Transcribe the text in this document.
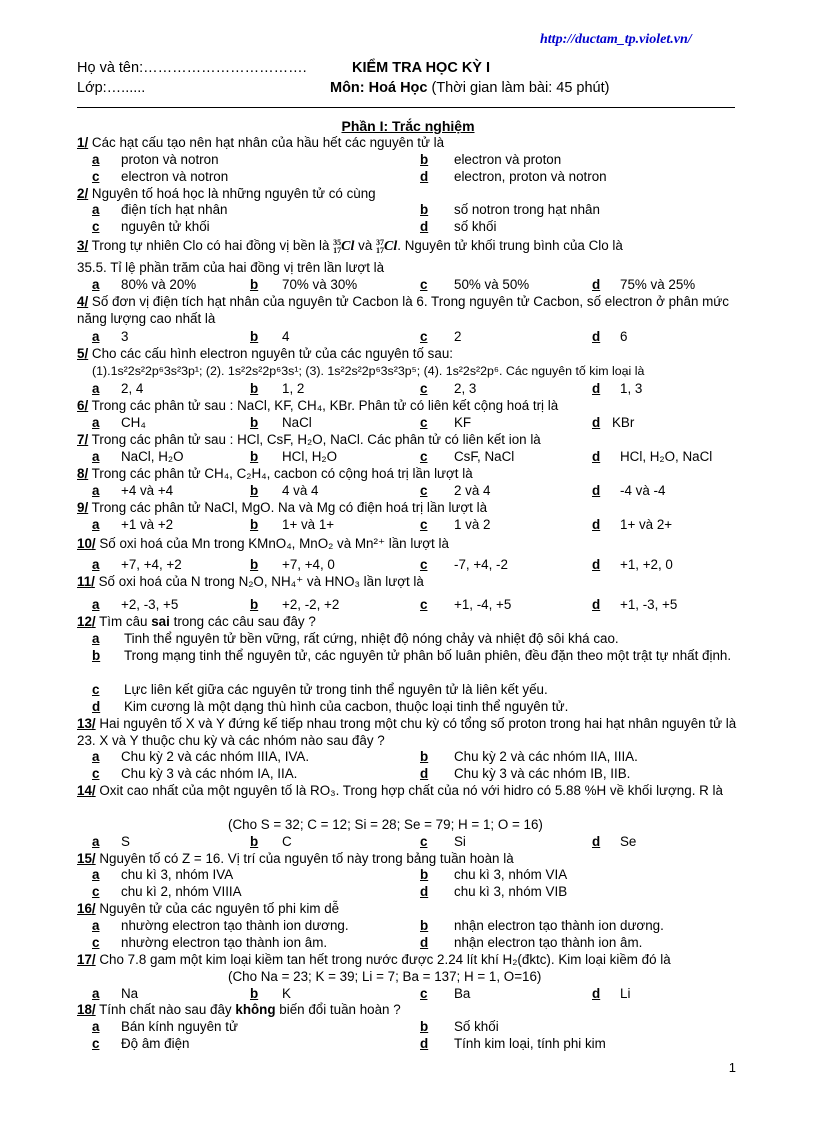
http://ductam_tp.violet.vn/
Họ và tên:…………………………….
Lớp:…......
KIỂM TRA HỌC KỲ I
Môn: Hoá Học (Thời gian làm bài: 45 phút)
Phần I: Trắc nghiệm
1/ Các hạt cấu tạo nên hạt nhân của hầu hết các nguyên tử là
a proton và notron	b electron và proton
c electron và notron	d electron, proton và notron
2/ Nguyên tố hoá học là những nguyên tử có cùng
a điện tích hạt nhân	b số notron trong hạt nhân
c nguyên tử khối	d số khối
3/ Trong tự nhiên Clo có hai đồng vị bền là 35
17Cl và 37
17Cl. Nguyên tử khối trung bình của Clo là
35.5. Tỉ lệ phần trăm của hai đồng vị trên lần lượt là
a 80% và 20%	b 70% và 30%	c 50% và 50%	d 75% và 25%
4/ Số đơn vị điện tích hạt nhân của nguyên tử Cacbon là 6. Trong nguyên tử Cacbon, số electron ở phân mức năng lượng cao nhất là
a 3	b 4	c 2	d 6
5/ Cho các cấu hình electron nguyên tử của các nguyên tố sau:
(1).1s²2s²2p⁶3s²3p¹; (2). 1s²2s²2p⁶3s¹; (3). 1s²2s²2p⁶3s²3p⁵; (4). 1s²2s²2p⁶. Các nguyên tố kim loại là
a 2, 4	b 1, 2	c 2, 3	d 1, 3
6/ Trong các phân tử sau : NaCl, KF, CH₄, KBr. Phân tử có liên kết cộng hoá trị là
a CH₄	b NaCl	c KF	d KBr
7/ Trong các phân tử sau : HCl, CsF, H₂O, NaCl. Các phân tử có liên kết ion là
a NaCl, H₂O	b HCl, H₂O	c CsF, NaCl	d HCl, H₂O, NaCl
8/ Trong các phân tử CH₄, C₂H₄, cacbon có cộng hoá trị lần lượt là
a +4 và +4	b 4 và 4	c 2 và 4	d -4 và -4
9/ Trong các phân tử NaCl, MgO. Na và Mg có điện hoá trị lần lượt là
a +1 và +2	b 1+ và 1+	c 1 và 2	d 1+ và 2+
10/ Số oxi hoá của Mn trong KMnO₄, MnO₂ và Mn²⁺ lần lượt là
a +7, +4, +2	b +7, +4, 0	c -7, +4, -2	d +1, +2, 0
11/ Số oxi hoá của N trong N₂O, NH₄⁺ và HNO₃ lần lượt là
a +2, -3, +5	b +2, -2, +2	c +1, -4, +5	d +1, -3, +5
12/ Tìm câu sai trong các câu sau đây ?
a Tinh thể nguyên tử bền vững, rất cứng, nhiệt độ nóng chảy và nhiệt độ sôi khá cao.
b	Trong mạng tinh thể nguyên tử, các nguyên tử phân bố luân phiên, đều đặn theo một trật tự nhất định.
c Lực liên kết giữa các nguyên tử trong tinh thể nguyên tử là liên kết yếu.
d Kim cương là một dạng thù hình của cacbon, thuộc loại tinh thể nguyên tử.
13/ Hai nguyên tố X và Y đứng kế tiếp nhau trong một chu kỳ có tổng số proton trong hai hạt nhân nguyên tử là 23. X và Y thuộc chu kỳ và các nhóm nào sau đây ?
a Chu kỳ 2 và các nhóm IIIA, IVA.	b Chu kỳ 2 và các nhóm IIA, IIIA.
c Chu kỳ 3 và các nhóm IA, IIA.	d Chu kỳ 3 và các nhóm IB, IIB.
14/ Oxit cao nhất của một nguyên tố là RO₃. Trong hợp chất của nó với hidro có 5.88 %H về khối lượng. R là
(Cho S = 32; C = 12; Si = 28; Se = 79; H = 1; O = 16)
a S	b C	c Si	d Se
15/ Nguyên tố có Z = 16. Vị trí của nguyên tố này trong bảng tuần hoàn là
a chu kì 3, nhóm IVA	b chu kì 3, nhóm VIA
c chu kì 2, nhóm VIIIA	d chu kì 3, nhóm VIB
16/ Nguyên tử của các nguyên tố phi kim dễ
a nhường electron tạo thành ion dương.	b nhận electron tạo thành ion dương.
c nhường electron tạo thành ion âm.	d nhận electron tạo thành ion âm.
17/ Cho 7.8 gam một kim loại kiềm tan hết trong nước được 2.24 lít khí H₂(đktc). Kim loại kiềm đó là
(Cho Na = 23; K = 39; Li = 7; Ba = 137; H = 1, O=16)
a Na	b K	c Ba	d Li
18/ Tính chất nào sau đây không biến đổi tuần hoàn ?
a Bán kính nguyên tử	b Số khối
c Độ âm điện	d Tính kim loại, tính phi kim
1
